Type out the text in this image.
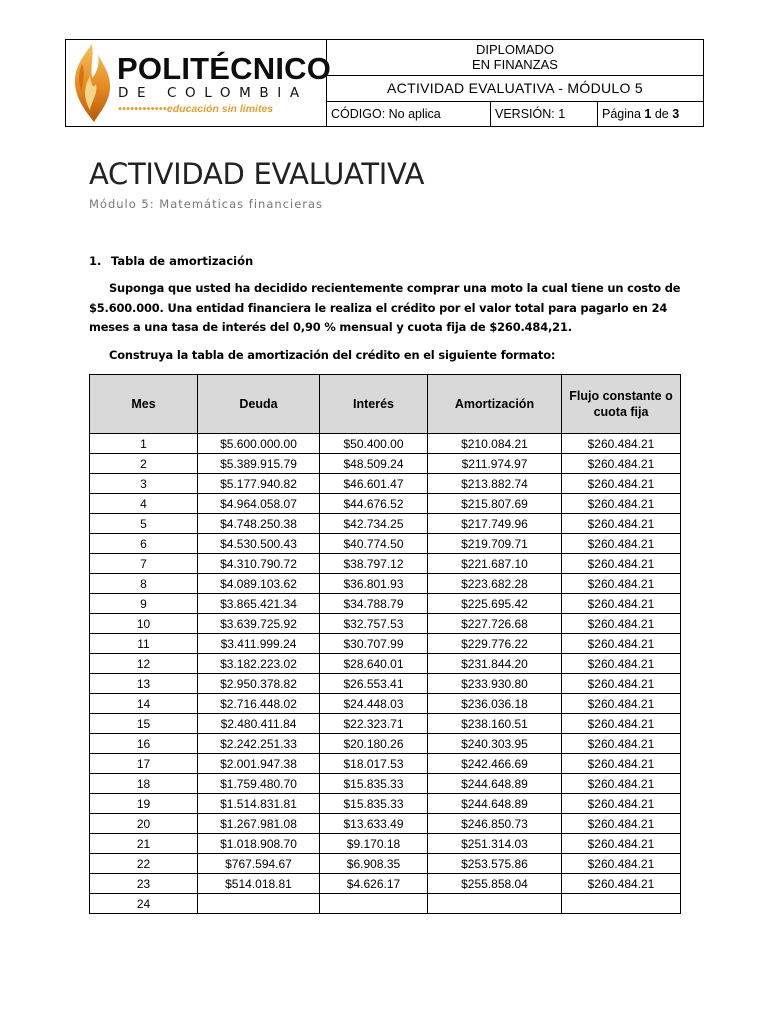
POLITÉCNICO
DE COLOMBIA
••••••••••••educación sin limites
DIPLOMADO
EN FINANZAS
ACTIVIDAD EVALUATIVA - MÓDULO 5
CÓDIGO: No aplica	VERSIÓN: 1	Página 1 de 3
ACTIVIDAD EVALUATIVA
Módulo 5: Matemáticas financieras
1. Tabla de amortización
Suponga que usted ha decidido recientemente comprar una moto la cual tiene un costo de $5.600.000. Una entidad financiera le realiza el crédito por el valor total para pagarlo en 24 meses a una tasa de interés del 0,90 % mensual y cuota fija de $260.484,21.
Construya la tabla de amortización del crédito en el siguiente formato:
Mes	Deuda	Interés	Amortización	Flujo constante o cuota fija
1	$5.600.000.00	$50.400.00	$210.084.21	$260.484.21
2	$5.389.915.79	$48.509.24	$211.974.97	$260.484.21
3	$5.177.940.82	$46.601.47	$213.882.74	$260.484.21
4	$4.964.058.07	$44.676.52	$215.807.69	$260.484.21
5	$4.748.250.38	$42.734.25	$217.749.96	$260.484.21
6	$4.530.500.43	$40.774.50	$219.709.71	$260.484.21
7	$4.310.790.72	$38.797.12	$221.687.10	$260.484.21
8	$4.089.103.62	$36.801.93	$223.682.28	$260.484.21
9	$3.865.421.34	$34.788.79	$225.695.42	$260.484.21
10	$3.639.725.92	$32.757.53	$227.726.68	$260.484.21
11	$3.411.999.24	$30.707.99	$229.776.22	$260.484.21
12	$3.182.223.02	$28.640.01	$231.844.20	$260.484.21
13	$2.950.378.82	$26.553.41	$233.930.80	$260.484.21
14	$2.716.448.02	$24.448.03	$236.036.18	$260.484.21
15	$2.480.411.84	$22.323.71	$238.160.51	$260.484.21
16	$2.242.251.33	$20.180.26	$240.303.95	$260.484.21
17	$2.001.947.38	$18.017.53	$242.466.69	$260.484.21
18	$1.759.480.70	$15.835.33	$244.648.89	$260.484.21
19	$1.514.831.81	$15.835.33	$244.648.89	$260.484.21
20	$1.267.981.08	$13.633.49	$246.850.73	$260.484.21
21	$1.018.908.70	$9.170.18	$251.314.03	$260.484.21
22	$767.594.67	$6.908.35	$253.575.86	$260.484.21
23	$514.018.81	$4.626.17	$255.858.04	$260.484.21
24				
